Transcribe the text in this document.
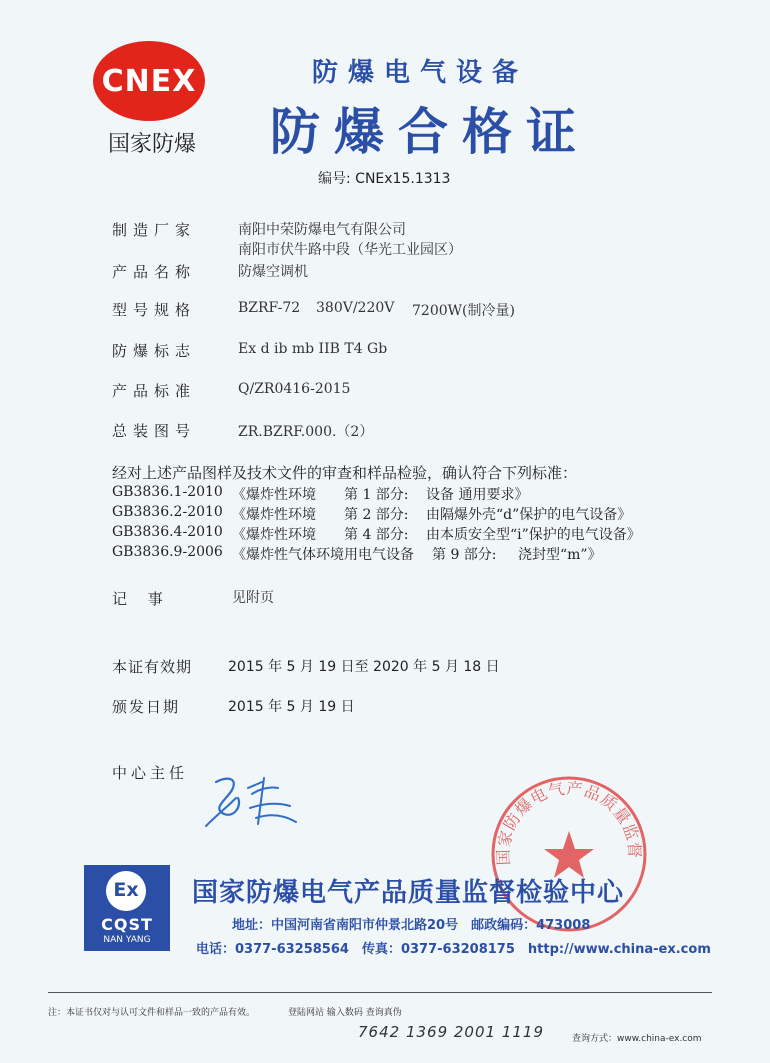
CNEX
国家防爆
防爆电气设备
防爆合格证
编号: CNEx15.1313
制造厂家	南阳中荣防爆电气有限公司
南阳市伏牛路中段（华光工业园区）
产品名称	防爆空调机
型号规格	BZRF-72 380V/220V 7200W(制冷量)
防爆标志	Ex d ib mb IIB T4 Gb
产品标准	Q/ZR0416-2015
总装图号	ZR.BZRF.000.（2）
经对上述产品图样及技术文件的审查和样品检验，确认符合下列标准：
GB3836.1-2010 《爆炸性环境 第 1 部分: 设备 通用要求》
GB3836.2-2010 《爆炸性环境 第 2 部分: 由隔爆外壳“d”保护的电气设备》
GB3836.4-2010 《爆炸性环境 第 4 部分: 由本质安全型“i”保护的电气设备》
GB3836.9-2006 《爆炸性气体环境用电气设备 第 9 部分: 浇封型“m”》
记 事	见附页
本证有效期	2015 年 5 月 19 日至 2020 年 5 月 18 日
颁发日期	2015 年 5 月 19 日
中心主任
国家防爆电气产品质量监督
Ex
CQST
NAN YANG
国家防爆电气产品质量监督检验中心
地址：中国河南省南阳市仲景北路20号　邮政编码：473008
电话：0377-63258564　传真：0377-63208175　http://www.china-ex.com
注：本证书仅对与认可文件和样品一致的产品有效。	登陆网站 输入数码 查询真伪
7642 1369 2001 1119	查询方式：www.china-ex.com
